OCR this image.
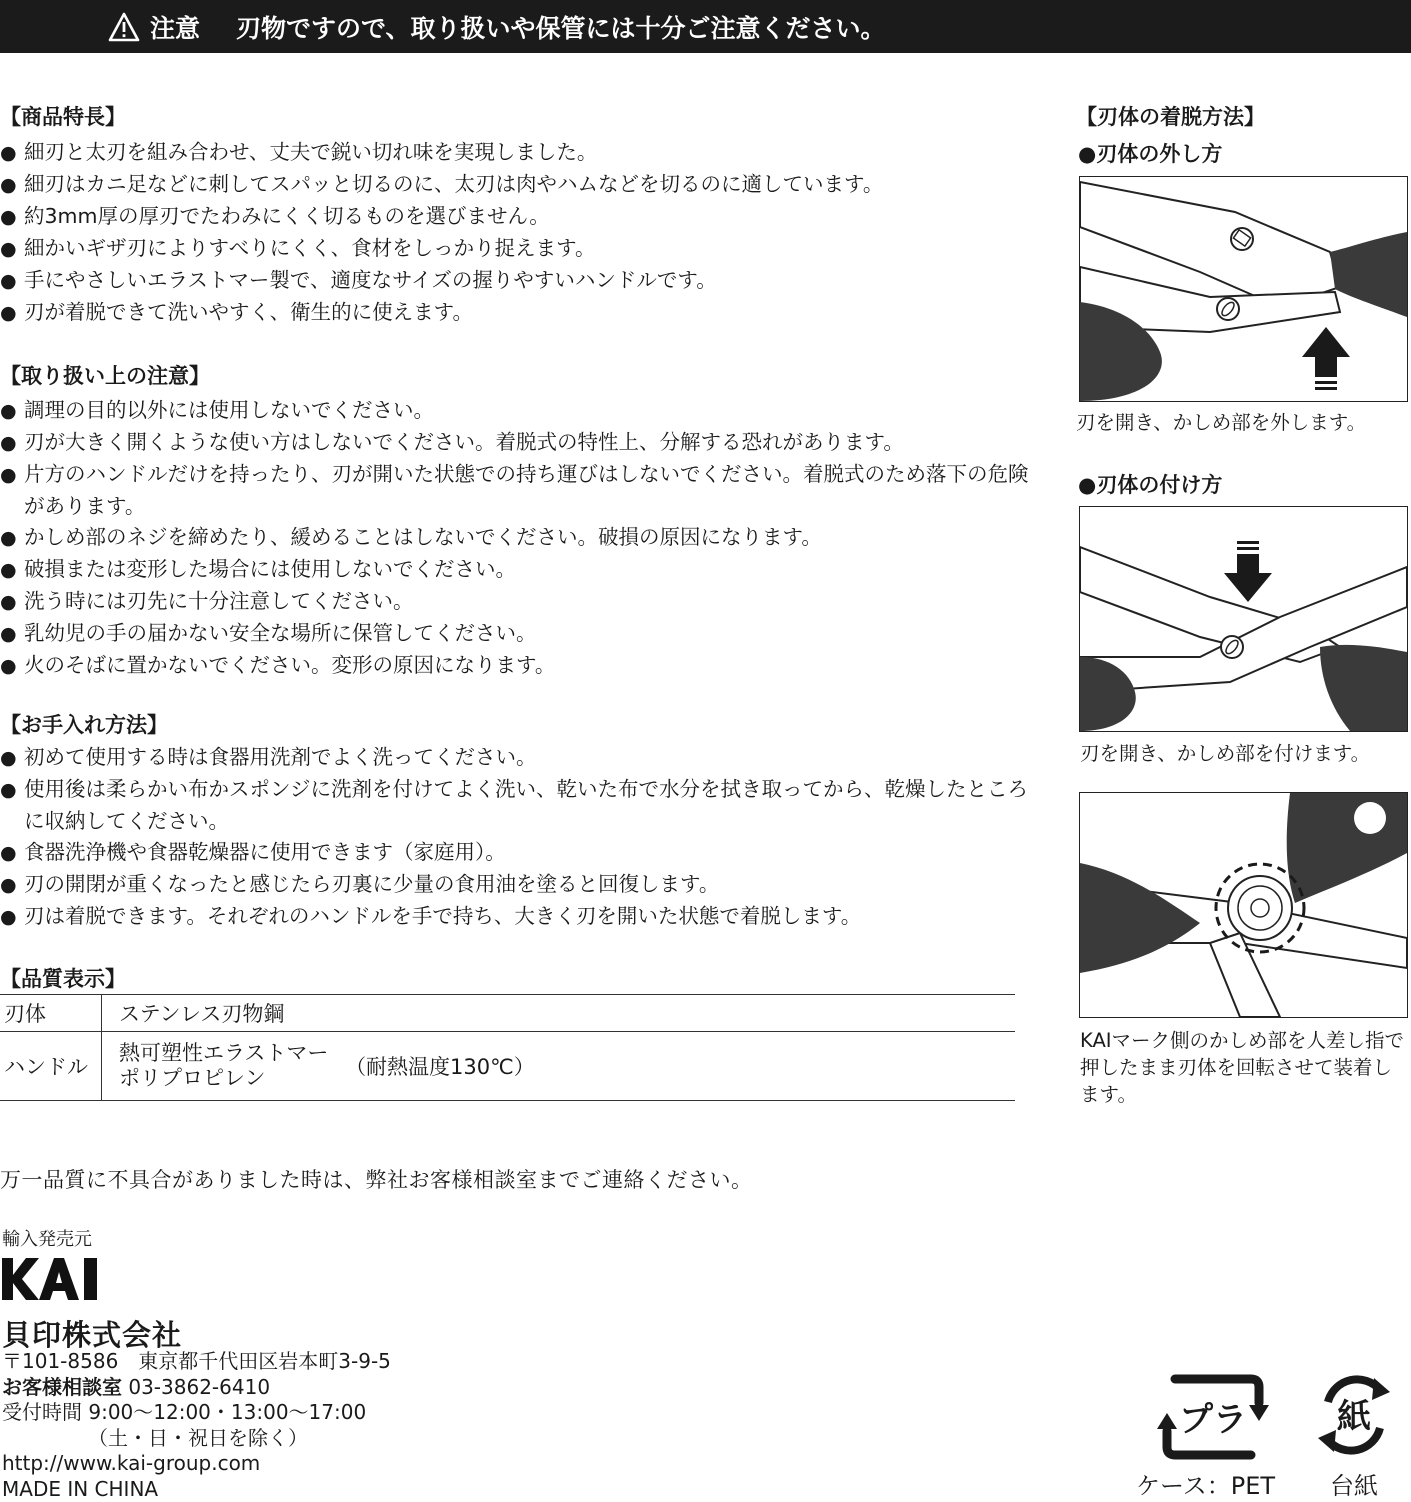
注意 刃物ですので、取り扱いや保管には十分ご注意ください。
【商品特長】
● 細刃と太刃を組み合わせ、丈夫で鋭い切れ味を実現しました。
● 細刃はカニ足などに刺してスパッと切るのに、太刃は肉やハムなどを切るのに適しています。
● 約3mm厚の厚刃でたわみにくく切るものを選びません。
● 細かいギザ刃によりすべりにくく、食材をしっかり捉えます。
● 手にやさしいエラストマー製で、適度なサイズの握りやすいハンドルです。
● 刃が着脱できて洗いやすく、衛生的に使えます。
【取り扱い上の注意】
● 調理の目的以外には使用しないでください。
● 刃が大きく開くような使い方はしないでください。着脱式の特性上、分解する恐れがあります。
● 片方のハンドルだけを持ったり、刃が開いた状態での持ち運びはしないでください。着脱式のため落下の危険があります。
● かしめ部のネジを締めたり、緩めることはしないでください。破損の原因になります。
● 破損または変形した場合には使用しないでください。
● 洗う時には刃先に十分注意してください。
● 乳幼児の手の届かない安全な場所に保管してください。
● 火のそばに置かないでください。変形の原因になります。
【お手入れ方法】
● 初めて使用する時は食器用洗剤でよく洗ってください。
● 使用後は柔らかい布かスポンジに洗剤を付けてよく洗い、乾いた布で水分を拭き取ってから、乾燥したところに収納してください。
● 食器洗浄機や食器乾燥器に使用できます（家庭用）。
● 刃の開閉が重くなったと感じたら刃裏に少量の食用油を塗ると回復します。
● 刃は着脱できます。それぞれのハンドルを手で持ち、大きく刃を開いた状態で着脱します。
【品質表示】
刃体	ステンレス刃物鋼
ハンドル	熱可塑性エラストマー
ポリプロピレン （耐熱温度130℃）
万一品質に不具合がありました時は、弊社お客様相談室までご連絡ください。
輸入発売元
貝印株式会社
〒101-8586　東京都千代田区岩本町3-9-5
お客様相談室 03-3862-6410
受付時間 9:00〜12:00・13:00〜17:00
（土・日・祝日を除く）
http://www.kai-group.com
MADE IN CHINA
【刃体の着脱方法】
●刃体の外し方
刃を開き、かしめ部を外します。
●刃体の付け方
刃を開き、かしめ部を付けます。
KAIマーク側のかしめ部を人差し指で押したまま刃体を回転させて装着します。
プラ
ケース：PET
紙
台紙
